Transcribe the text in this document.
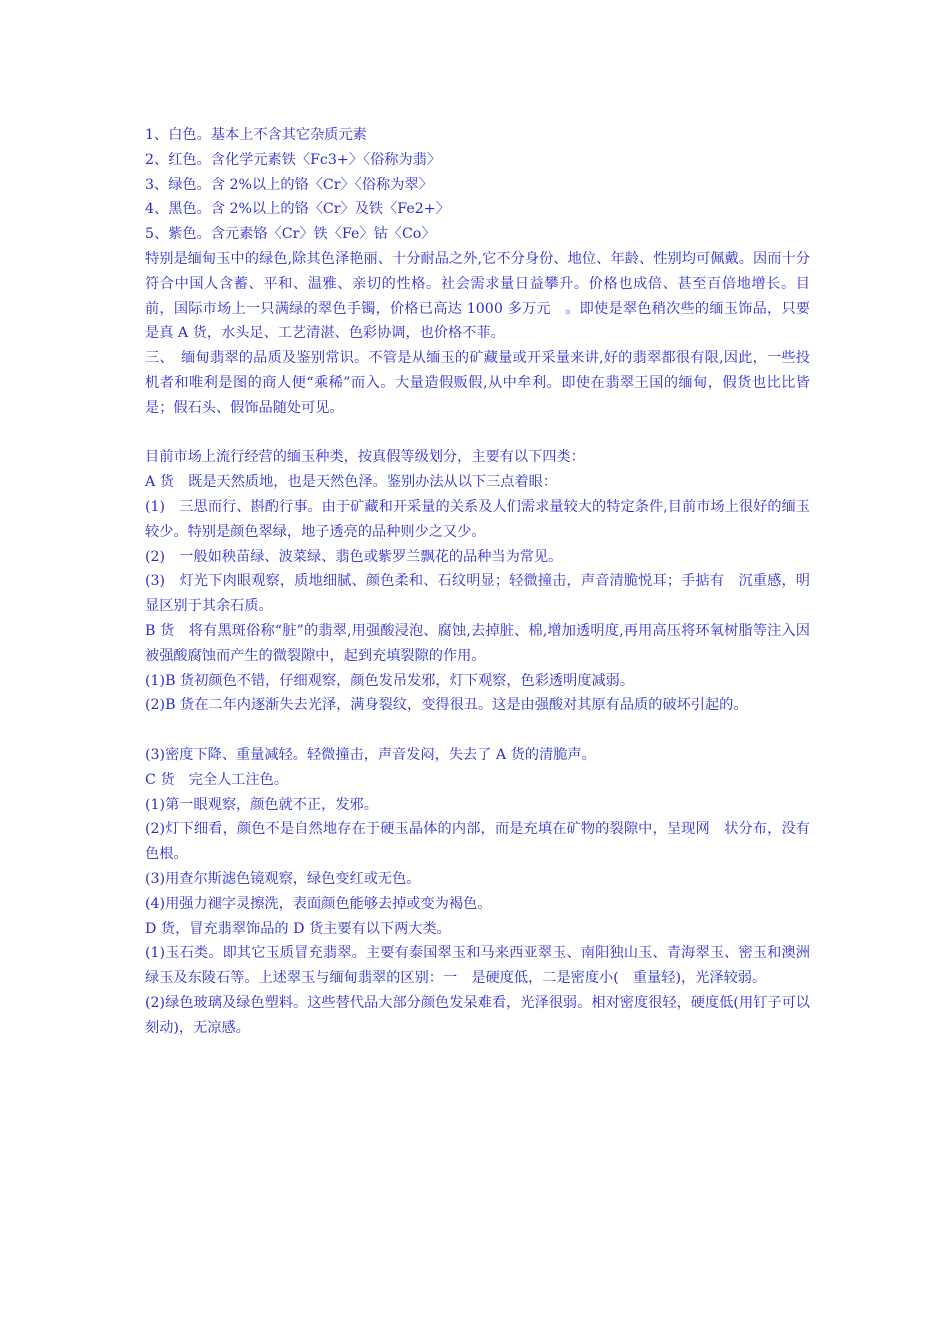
1、白色。基本上不含其它杂质元素
2、红色。含化学元素铁〈Fc3+〉〈俗称为翡〉
3、绿色。含 2%以上的铬〈Cr〉〈俗称为翠〉
4、黑色。含 2%以上的铬〈Cr〉及铁〈Fe2+〉
5、紫色。含元素铬〈Cr〉铁〈Fe〉钴〈Co〉
特别是缅甸玉中的绿色,除其色泽艳丽、十分耐品之外,它不分身份、地位、年龄、性别均可佩戴。因而十分符合中国人含蓄、平和、温雅、亲切的性格。社会需求量日益攀升。价格也成倍、甚至百倍地增长。目前，国际市场上一只满绿的翠色手镯，价格已高达 1000 多万元　。即使是翠色稍次些的缅玉饰品，只要是真 A 货，水头足、工艺清湛、色彩协调，也价格不菲。
三、　缅甸翡翠的品质及鉴别常识。不管是从缅玉的矿藏量或开采量来讲,好的翡翠都很有限,因此，一些投机者和唯利是图的商人便“乘稀”而入。大量造假贩假,从中牟利。即使在翡翠王国的缅甸，假货也比比皆是；假石头、假饰品随处可见。
目前市场上流行经营的缅玉种类，按真假等级划分，主要有以下四类：
A 货　既是天然质地，也是天然色泽。鉴别办法从以下三点着眼：
(1)　三思而行、斟酌行事。由于矿藏和开采量的关系及人们需求量较大的特定条件,目前市场上很好的缅玉较少。特别是颜色翠绿，地子透亮的品种则少之又少。
(2)　一般如秧苗绿、波菜绿、翡色或紫罗兰飘花的品种当为常见。
(3)　灯光下肉眼观察，质地细腻、颜色柔和、石纹明显；轻微撞击，声音清脆悦耳；手掂有　沉重感，明显区别于其余石质。
B 货　将有黑斑俗称“脏”的翡翠,用强酸浸泡、腐蚀,去掉脏、棉,增加透明度,再用高压将环氧树脂等注入因被强酸腐蚀而产生的微裂隙中，起到充填裂隙的作用。
(1)B 货初颜色不错，仔细观察，颜色发吊发邪，灯下观察，色彩透明度减弱。
(2)B 货在二年内逐渐失去光泽，满身裂纹，变得很丑。这是由强酸对其原有品质的破坏引起的。
(3)密度下降、重量减轻。轻微撞击，声音发闷，失去了 A 货的清脆声。
C 货　完全人工注色。
(1)第一眼观察，颜色就不正，发邪。
(2)灯下细看，颜色不是自然地存在于硬玉晶体的内部，而是充填在矿物的裂隙中，呈现网　状分布，没有色根。
(3)用查尔斯滤色镜观察，绿色变红或无色。
(4)用强力褪字灵擦洗，表面颜色能够去掉或变为褐色。
D 货，冒充翡翠饰品的 D 货主要有以下两大类。
(1)玉石类。即其它玉质冒充翡翠。主要有泰国翠玉和马来西亚翠玉、南阳独山玉、青海翠玉、密玉和澳洲绿玉及东陵石等。上述翠玉与缅甸翡翠的区别：一　是硬度低，二是密度小(　重量轻)，光泽较弱。
(2)绿色玻璃及绿色塑料。这些替代品大部分颜色发呆难看，光泽很弱。相对密度很轻，硬度低(用钉子可以刻动)，无凉感。
